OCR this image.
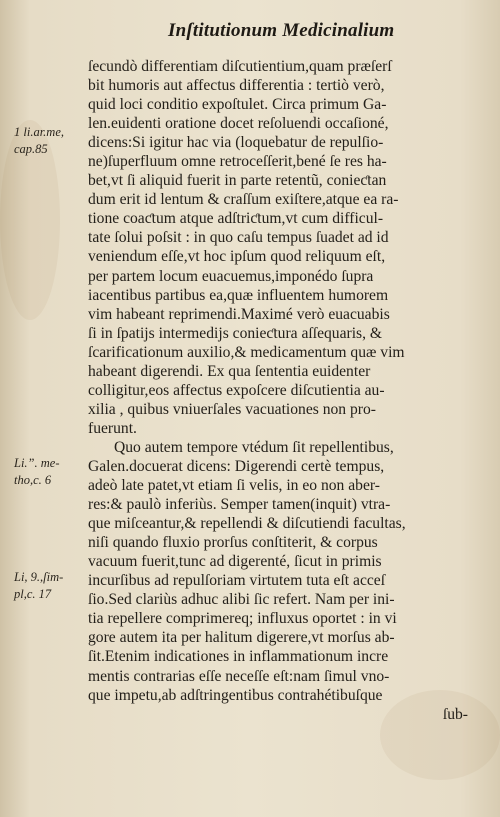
Inſtitutionum Medicinalium
ſecundò differentiam diſcutientium,quam præſerſ
bit humoris aut affectus differentia : tertiò verò,
quid loci conditio expoſtulet. Circa primum Ga-
len.euidenti oratione docet reſoluendi occaſioné,
dicens:Si igitur hac via (loquebatur de repulſio-
ne)ſuperfluum omne retroceſſerit,bené ſe res ha-
bet,vt ſi aliquid fuerit in parte retentũ, conieƈtan
dum erit id lentum & craſſum exiſtere,atque ea ra-
tione coaƈtum atque adſtriƈtum,vt cum difficul-
tate ſolui poſsit : in quo caſu tempus ſuadet ad id
veniendum eſſe,vt hoc ipſum quod reliquum eſt,
per partem locum euacuemus,imponédo ſupra
iacentibus partibus ea,quæ influentem humorem
vim habeant reprimendi.Maximé verò euacuabis
ſi in ſpatijs intermedijs conieƈtura aſſequaris, &
ſcarificationum auxilio,& medicamentum quæ vim
habeant digerendi. Ex qua ſententia euidenter
colligitur,eos affectus expoſcere diſcutientia au-
xilia , quibus vniuerſales vacuationes non pro-
fuerunt.
Quo autem tempore vtédum ſit repellentibus,
Galen.docuerat dicens: Digerendi certè tempus,
adeò late patet,vt etiam ſi velis, in eo non aber-
res:& paulò inferiùs. Semper tamen(inquit) vtra-
que miſceantur,& repellendi & diſcutiendi facultas,
niſi quando fluxio prorſus conſtiterit, & corpus
vacuum fuerit,tunc ad digerenté, ſicut in primis
incurſibus ad repulſoriam virtutem tuta eſt acceſ
ſio.Sed clariùs adhuc alibi ſic refert. Nam per ini-
tia repellere comprimereq; influxus oportet : in vi
gore autem ita per halitum digerere,vt morſus ab-
ſit.Etenim indicationes in inflammationum incre
mentis contrarias eſſe neceſſe eſt:nam ſimul vno-
que impetu,ab adſtringentibus contrahétibuſque
ſub-
1 li.ar.me,
cap.85
Li.”. me-
tho,c. 6
Li, 9.,ſim-
pl,c. 17
